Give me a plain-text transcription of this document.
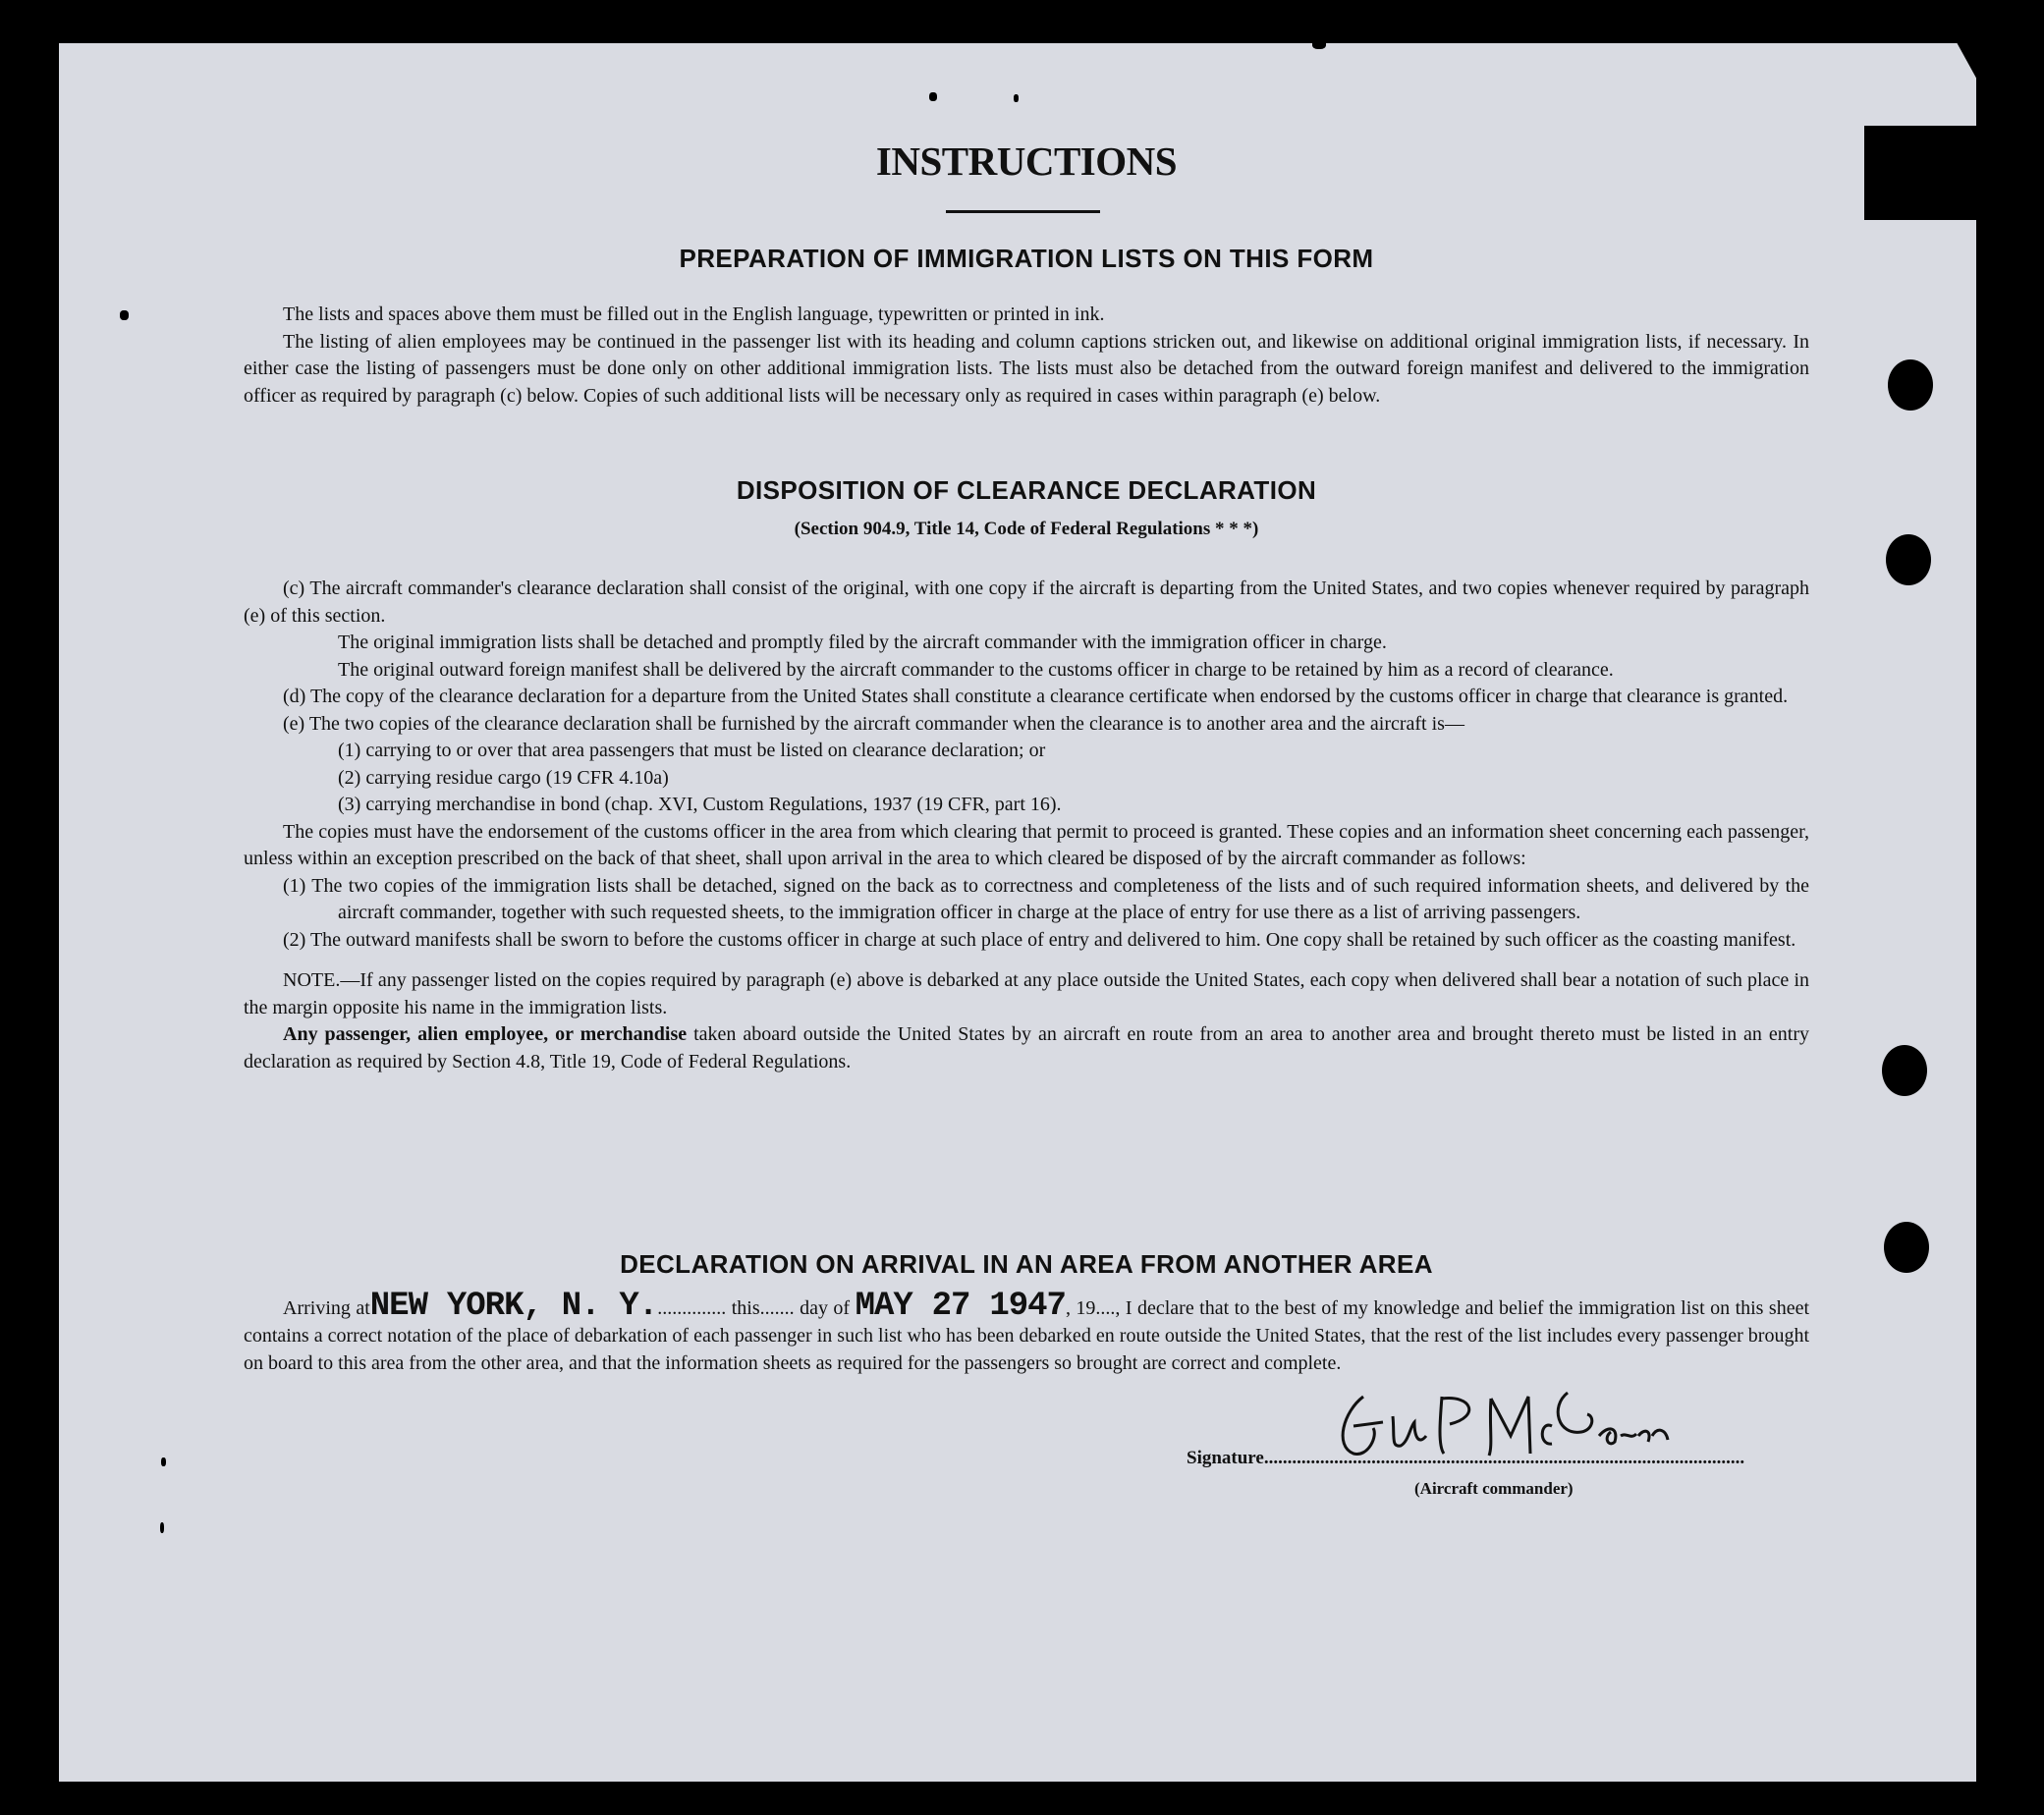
INSTRUCTIONS
PREPARATION OF IMMIGRATION LISTS ON THIS FORM

The lists and spaces above them must be filled out in the English language, typewritten or printed in ink.

The listing of alien employees may be continued in the passenger list with its heading and column captions stricken out, and likewise on additional original immigration lists, if necessary. In either case the listing of passengers must be done only on other additional immigration lists. The lists must also be detached from the outward foreign manifest and delivered to the immigration officer as required by paragraph (c) below. Copies of such additional lists will be necessary only as required in cases within paragraph (e) below.

DISPOSITION OF CLEARANCE DECLARATION
(Section 904.9, Title 14, Code of Federal Regulations * * *)

(c) The aircraft commander's clearance declaration shall consist of the original, with one copy if the aircraft is departing from the United States, and two copies whenever required by paragraph (e) of this section.

The original immigration lists shall be detached and promptly filed by the aircraft commander with the immigration officer in charge.

The original outward foreign manifest shall be delivered by the aircraft commander to the customs officer in charge to be retained by him as a record of clearance.

(d) The copy of the clearance declaration for a departure from the United States shall constitute a clearance certificate when endorsed by the customs officer in charge that clearance is granted.

(e) The two copies of the clearance declaration shall be furnished by the aircraft commander when the clearance is to another area and the aircraft is—

(1) carrying to or over that area passengers that must be listed on clearance declaration; or

(2) carrying residue cargo (19 CFR 4.10a)

(3) carrying merchandise in bond (chap. XVI, Custom Regulations, 1937 (19 CFR, part 16).

The copies must have the endorsement of the customs officer in the area from which clearing that permit to proceed is granted. These copies and an information sheet concerning each passenger, unless within an exception prescribed on the back of that sheet, shall upon arrival in the area to which cleared be disposed of by the aircraft commander as follows:

(1) The two copies of the immigration lists shall be detached, signed on the back as to correctness and completeness of the lists and of such required information sheets, and delivered by the aircraft commander, together with such requested sheets, to the immigration officer in charge at the place of entry for use there as a list of arriving passengers.

(2) The outward manifests shall be sworn to before the customs officer in charge at such place of entry and delivered to him. One copy shall be retained by such officer as the coasting manifest.

NOTE.—If any passenger listed on the copies required by paragraph (e) above is debarked at any place outside the United States, each copy when delivered shall bear a notation of such place in the margin opposite his name in the immigration lists.

Any passenger, alien employee, or merchandise taken aboard outside the United States by an aircraft en route from an area to another area and brought thereto must be listed in an entry declaration as required by Section 4.8, Title 19, Code of Federal Regulations.

DECLARATION ON ARRIVAL IN AN AREA FROM ANOTHER AREA

Arriving atNEW YORK, N. Y............... this....... day of MAY 27 1947, 19...., I declare that to the best of my knowledge and belief the immigration list on this sheet contains a correct notation of the place of debarkation of each passenger in such list who has been debarked en route outside the United States, that the rest of the list includes every passenger brought on board to this area from the other area, and that the information sheets as required for the passengers so brought are correct and complete.

Signature.......................................................................................................
(Aircraft commander)
